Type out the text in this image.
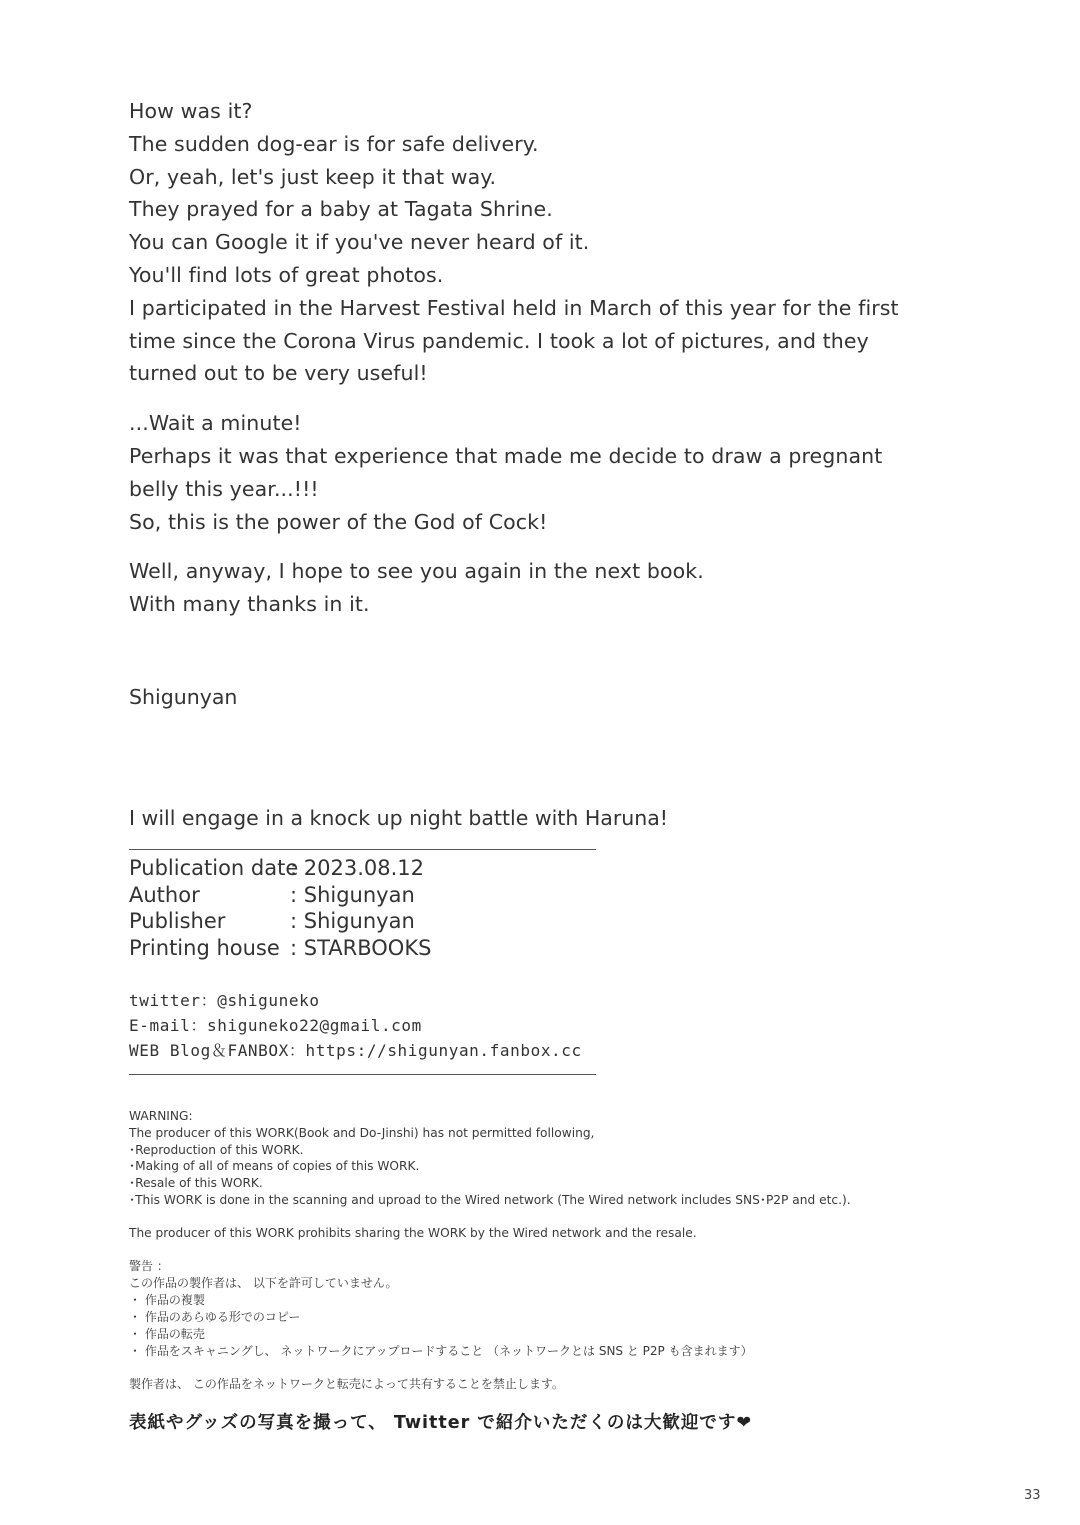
How was it?

The sudden dog-ear is for safe delivery.

Or, yeah, let's just keep it that way.

They prayed for a baby at Tagata Shrine.

You can Google it if you've never heard of it.

You'll find lots of great photos.

I participated in the Harvest Festival held in March of this year for the first

time since the Corona Virus pandemic. I took a lot of pictures, and they

turned out to be very useful!

...Wait a minute!

Perhaps it was that experience that made me decide to draw a pregnant

belly this year...!!!

So, this is the power of the God of Cock!

Well, anyway, I hope to see you again in the next book.

With many thanks in it.

Shigunyan
I will engage in a knock up night battle with Haruna!
Publication date
: 2023.08.12
Author	: Shigunyan
Publisher	: Shigunyan
Printing house : STARBOOKS
twitter：@shiguneko
E-mail：shiguneko22@gmail.com
WEB Blog＆FANBOX：https://shigunyan.fanbox.cc
WARNING:
The producer of this WORK(Book and Do-Jinshi) has not permitted following,
･Reproduction of this WORK.
･Making of all of means of copies of this WORK.
･Resale of this WORK.
･This WORK is done in the scanning and uproad to the Wired network (The Wired network includes SNS･P2P and etc.).
The producer of this WORK prohibits sharing the WORK by the Wired network and the resale.
警告 ：
この作品の製作者は、 以下を許可していません。
・ 作品の複製
・ 作品のあらゆる形でのコピー
・ 作品の転売
・ 作品をスキャニングし、 ネットワークにアップロードすること （ネットワークとは SNS と P2P も含まれます）
製作者は、 この作品をネットワークと転売によって共有することを禁止します。
表紙やグッズの写真を撮って、 Twitter で紹介いただくのは大歓迎です❤
33
